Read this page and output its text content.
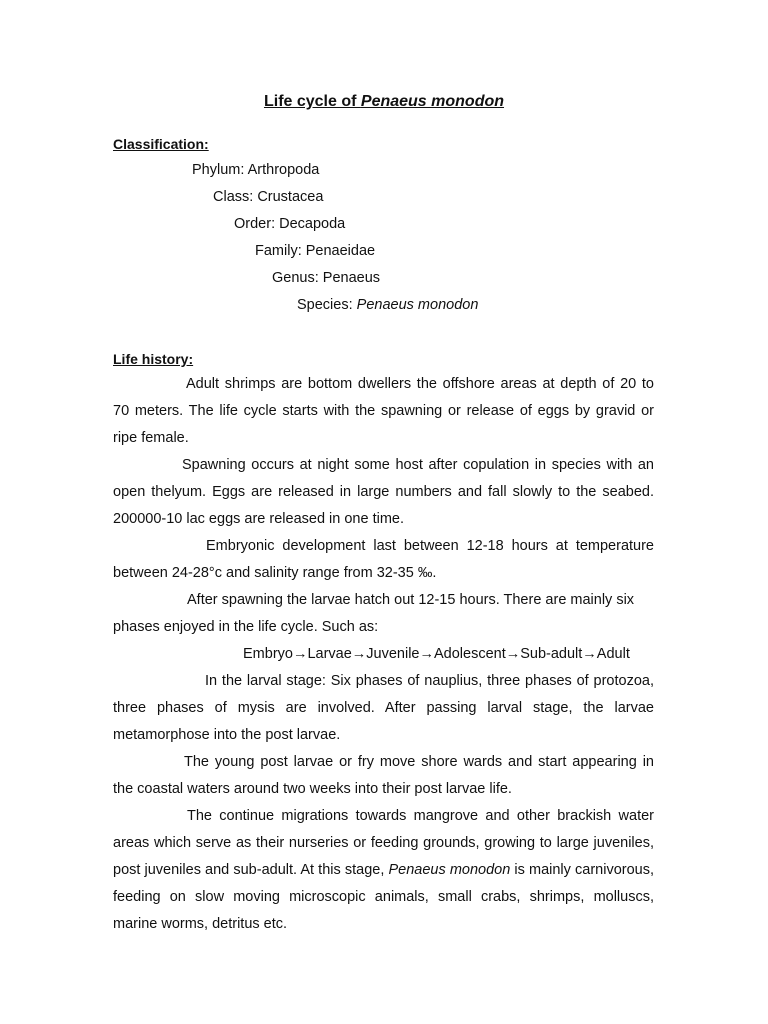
Life cycle of Penaeus monodon
Classification:
Phylum: Arthropoda
Class: Crustacea
Order: Decapoda
Family: Penaeidae
Genus: Penaeus
Species: Penaeus monodon
Life history:

Adult shrimps are bottom dwellers the offshore areas at depth of 20 to 70 meters. The life cycle starts with the spawning or release of eggs by gravid or ripe female.

Spawning occurs at night some host after copulation in species with an open thelyum. Eggs are released in large numbers and fall slowly to the seabed. 200000-10 lac eggs are released in one time.

Embryonic development last between 12-18 hours at temperature between 24-28°c and salinity range from 32-35 ‰.

After spawning the larvae hatch out 12-15 hours. There are mainly six phases enjoyed in the life cycle. Such as:

Embryo→Larvae→Juvenile→Adolescent→Sub-adult→Adult

In the larval stage: Six phases of nauplius, three phases of protozoa, three phases of mysis are involved. After passing larval stage, the larvae metamorphose into the post larvae.

The young post larvae or fry move shore wards and start appearing in the coastal waters around two weeks into their post larvae life.

The continue migrations towards mangrove and other brackish water areas which serve as their nurseries or feeding grounds, growing to large juveniles, post juveniles and sub-adult. At this stage, Penaeus monodon is mainly carnivorous, feeding on slow moving microscopic animals, small crabs, shrimps, molluscs, marine worms, detritus etc.
